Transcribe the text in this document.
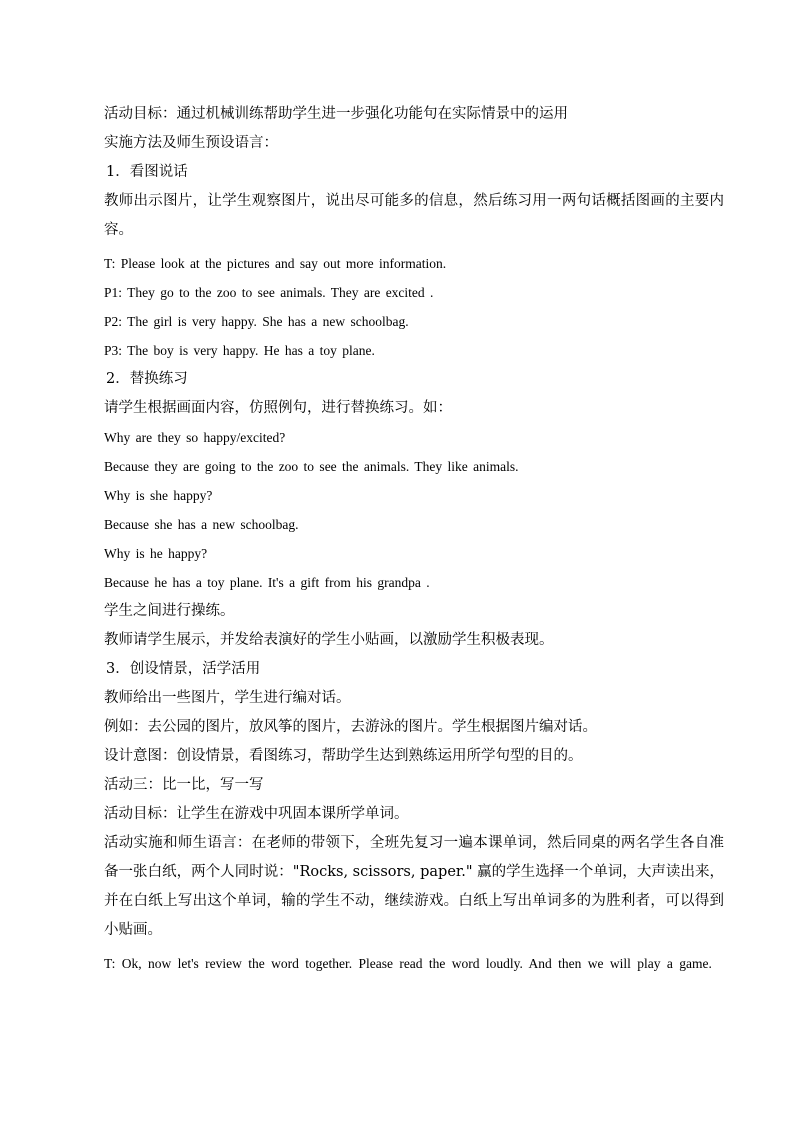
活动目标：通过机械训练帮助学生进一步强化功能句在实际情景中的运用

实施方法及师生预设语言：

1．看图说话

教师出示图片，让学生观察图片，说出尽可能多的信息，然后练习用一两句话概括图画的主要内容。

T: Please look at the pictures and say out more information.

P1: They go to the zoo to see animals. They are excited .

P2: The girl is very happy. She has a new schoolbag.

P3: The boy is very happy. He has a toy plane.

2．替换练习

请学生根据画面内容，仿照例句，进行替换练习。如：

Why are they so happy/excited?

Because they are going to the zoo to see the animals. They like animals.

Why is she happy?

Because she has a new schoolbag.

Why is he happy?

Because he has a toy plane. It's a gift from his grandpa .

学生之间进行操练。

教师请学生展示，并发给表演好的学生小贴画，以激励学生积极表现。

3．创设情景，活学活用

教师给出一些图片，学生进行编对话。

例如：去公园的图片，放风筝的图片，去游泳的图片。学生根据图片编对话。

设计意图：创设情景，看图练习，帮助学生达到熟练运用所学句型的目的。

活动三：比一比，写一写

活动目标：让学生在游戏中巩固本课所学单词。

活动实施和师生语言：在老师的带领下，全班先复习一遍本课单词，然后同桌的两名学生各自准备一张白纸，两个人同时说："Rocks, scissors, paper." 赢的学生选择一个单词，大声读出来，并在白纸上写出这个单词，输的学生不动，继续游戏。白纸上写出单词多的为胜利者，可以得到小贴画。

T: Ok, now let's review the word together. Please read the word loudly. And then we will play a game.
